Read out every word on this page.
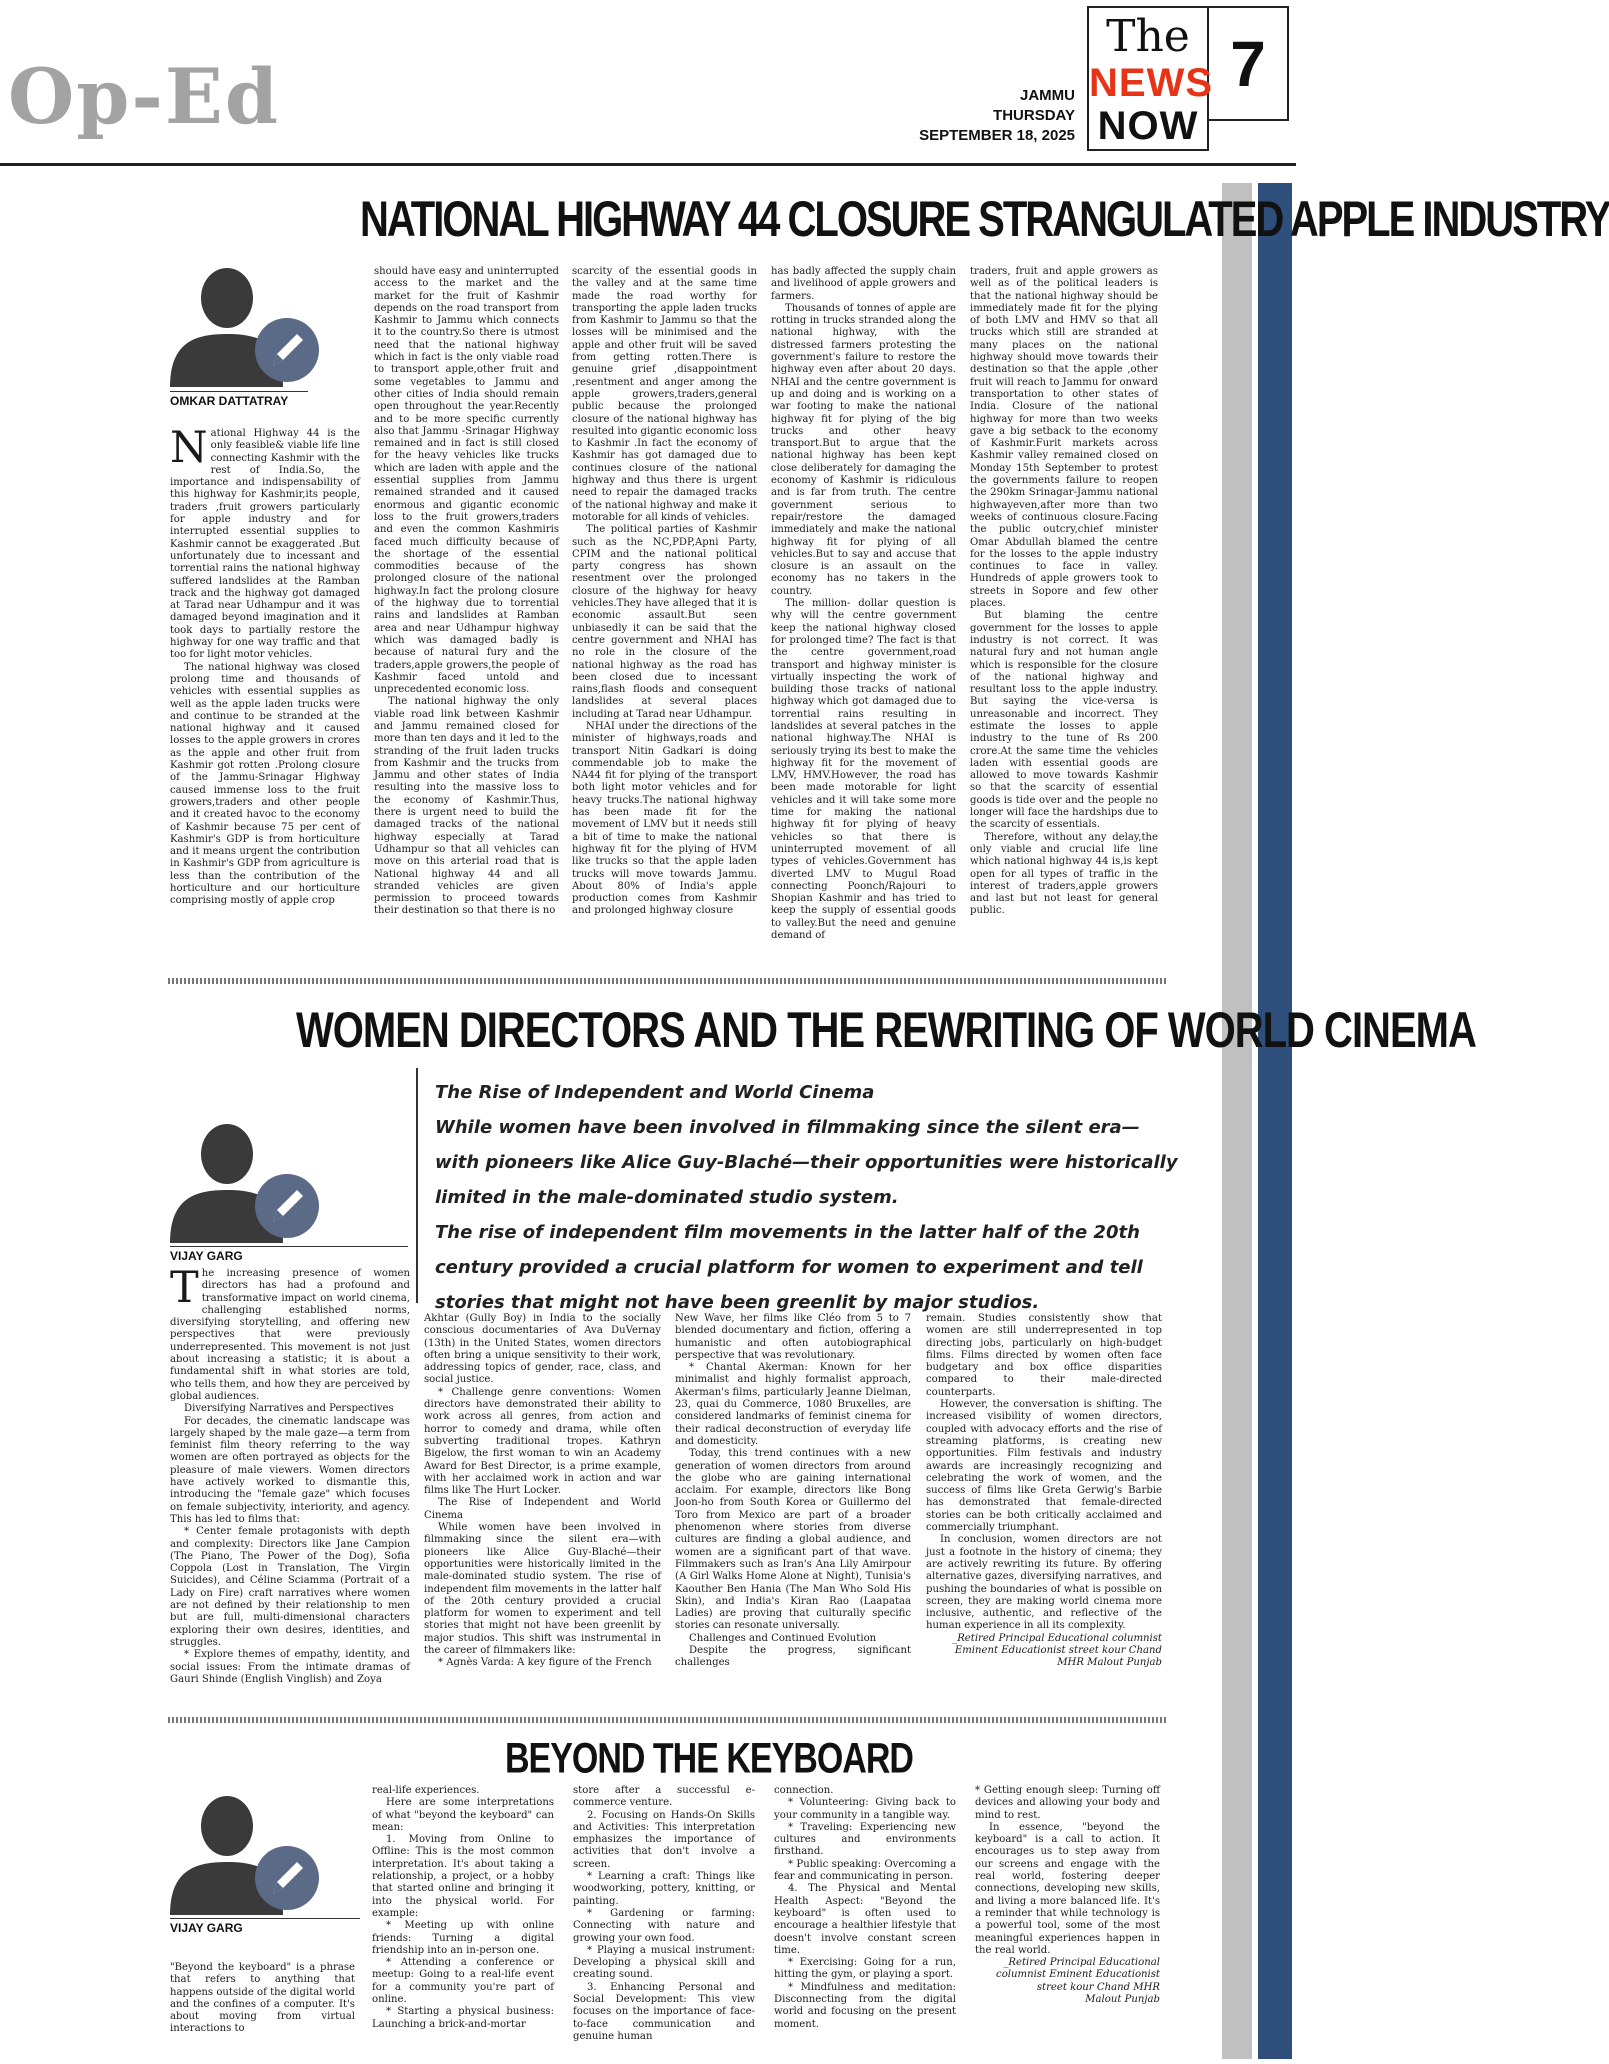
Op-Ed	JAMMU
THURSDAY
SEPTEMBER 18, 2025
The
NEWS
NOW
7
NATIONAL HIGHWAY 44 CLOSURE STRANGULATED APPLE INDUSTRY
OMKAR DATTATRAY

National Highway 44 is the only feasible& viable life line connecting Kashmir with the rest of India.So, the importance and indispensability of this highway for Kashmir,its people, traders ,fruit growers particularly for apple industry and for interrupted essential supplies to Kashmir cannot be exaggerated .But unfortunately due to incessant and torrential rains the national highway suffered landslides at the Ramban track and the highway got damaged at Tarad near Udhampur and it was damaged beyond imagination and it took days to partially restore the highway for one way traffic and that too for light motor vehicles.

The national highway was closed prolong time and thousands of vehicles with essential supplies as well as the apple laden trucks were and continue to be stranded at the national highway and it caused losses to the apple growers in crores as the apple and other fruit from Kashmir got rotten .Prolong closure of the Jammu-Srinagar Highway caused immense loss to the fruit growers,traders and other people and it created havoc to the economy of Kashmir because 75 per cent of Kashmir's GDP is from horticulture and it means urgent the contribution in Kashmir's GDP from agriculture is less than the contribution of the horticulture and our horticulture comprising mostly of apple crop

should have easy and uninterrupted access to the market and the market for the fruit of Kashmir depends on the road transport from Kashmir to Jammu which connects it to the country.So there is utmost need that the national highway which in fact is the only viable road to transport apple,other fruit and some vegetables to Jammu and other cities of India should remain open throughout the year.Recently and to be more specific currently also that Jammu -Srinagar Highway remained and in fact is still closed for the heavy vehicles like trucks which are laden with apple and the essential supplies from Jammu remained stranded and it caused enormous and gigantic economic loss to the fruit growers,traders and even the common Kashmiris faced much difficulty because of the shortage of the essential commodities because of the prolonged closure of the national highway.In fact the prolong closure of the highway due to torrential rains and landslides at Ramban area and near Udhampur highway which was damaged badly is because of natural fury and the traders,apple growers,the people of Kashmir faced untold and unprecedented economic loss.

The national highway the only viable road link between Kashmir and Jammu remained closed for more than ten days and it led to the stranding of the fruit laden trucks from Kashmir and the trucks from Jammu and other states of India resulting into the massive loss to the economy of Kashmir.Thus, there is urgent need to build the damaged tracks of the national highway especially at Tarad Udhampur so that all vehicles can move on this arterial road that is National highway 44 and all stranded vehicles are given permission to proceed towards their destination so that there is no

scarcity of the essential goods in the valley and at the same time made the road worthy for transporting the apple laden trucks from Kashmir to Jammu so that the losses will be minimised and the apple and other fruit will be saved from getting rotten.There is genuine grief ,disappointment ,resentment and anger among the apple growers,traders,general public because the prolonged closure of the national highway has resulted into gigantic economic loss to Kashmir .In fact the economy of Kashmir has got damaged due to continues closure of the national highway and thus there is urgent need to repair the damaged tracks of the national highway and make it motorable for all kinds of vehicles.

The political parties of Kashmir such as the NC,PDP,Apni Party, CPIM and the national political party congress has shown resentment over the prolonged closure of the highway for heavy vehicles.They have alleged that it is economic assault.But seen unbiasedly it can be said that the centre government and NHAI has no role in the closure of the national highway as the road has been closed due to incessant rains,flash floods and consequent landslides at several places including at Tarad near Udhampur.

NHAI under the directions of the minister of highways,roads and transport Nitin Gadkari is doing commendable job to make the NA44 fit for plying of the transport both light motor vehicles and for heavy trucks.The national highway has been made fit for the movement of LMV but it needs still a bit of time to make the national highway fit for the plying of HVM like trucks so that the apple laden trucks will move towards Jammu. About 80% of India's apple production comes from Kashmir and prolonged highway closure

has badly affected the supply chain and livelihood of apple growers and farmers.

Thousands of tonnes of apple are rotting in trucks stranded along the national highway, with the distressed farmers protesting the government's failure to restore the highway even after about 20 days. NHAI and the centre government is up and doing and is working on a war footing to make the national highway fit for plying of the big trucks and other heavy transport.But to argue that the national highway has been kept close deliberately for damaging the economy of Kashmir is ridiculous and is far from truth. The centre government serious to repair/restore the damaged immediately and make the national highway fit for plying of all vehicles.But to say and accuse that closure is an assault on the economy has no takers in the country.

The million- dollar question is why will the centre government keep the national highway closed for prolonged time? The fact is that the centre government,road transport and highway minister is virtually inspecting the work of building those tracks of national highway which got damaged due to torrential rains resulting in landslides at several patches in the national highway.The NHAI is seriously trying its best to make the highway fit for the movement of LMV, HMV.However, the road has been made motorable for light vehicles and it will take some more time for making the national highway fit for plying of heavy vehicles so that there is uninterrupted movement of all types of vehicles.Government has diverted LMV to Mugul Road connecting Poonch/Rajouri to Shopian Kashmir and has tried to keep the supply of essential goods to valley.But the need and genuine demand of

traders, fruit and apple growers as well as of the political leaders is that the national highway should be immediately made fit for the plying of both LMV and HMV so that all trucks which still are stranded at many places on the national highway should move towards their destination so that the apple ,other fruit will reach to Jammu for onward transportation to other states of India. Closure of the national highway for more than two weeks gave a big setback to the economy of Kashmir.Furit markets across Kashmir valley remained closed on Monday 15th September to protest the governments failure to reopen the 290km Srinagar-Jammu national highwayeven,after more than two weeks of continuous closure.Facing the public outcry,chief minister Omar Abdullah blamed the centre for the losses to the apple industry continues to face in valley. Hundreds of apple growers took to streets in Sopore and few other places.

But blaming the centre government for the losses to apple industry is not correct. It was natural fury and not human angle which is responsible for the closure of the national highway and resultant loss to the apple industry. But saying the vice-versa is unreasonable and incorrect. They estimate the losses to apple industry to the tune of Rs 200 crore.At the same time the vehicles laden with essential goods are allowed to move towards Kashmir so that the scarcity of essential goods is tide over and the people no longer will face the hardships due to the scarcity of essentials.

Therefore, without any delay,the only viable and crucial life line which national highway 44 is,is kept open for all types of traffic in the interest of traders,apple growers and last but not least for general public.

WOMEN DIRECTORS AND THE REWRITING OF WORLD CINEMA
The Rise of Independent and World Cinema
While women have been involved in filmmaking since the silent era—with pioneers like Alice Guy-Blaché—their opportunities were historically limited in the male-dominated studio system.
The rise of independent film movements in the latter half of the 20th century provided a crucial platform for women to experiment and tell stories that might not have been greenlit by major studios.
VIJAY GARG

The increasing presence of women directors has had a profound and transformative impact on world cinema, challenging established norms, diversifying storytelling, and offering new perspectives that were previously underrepresented. This movement is not just about increasing a statistic; it is about a fundamental shift in what stories are told, who tells them, and how they are perceived by global audiences.

Diversifying Narratives and Perspectives

For decades, the cinematic landscape was largely shaped by the male gaze—a term from feminist film theory referring to the way women are often portrayed as objects for the pleasure of male viewers. Women directors have actively worked to dismantle this, introducing the "female gaze" which focuses on female subjectivity, interiority, and agency. This has led to films that:

* Center female protagonists with depth and complexity: Directors like Jane Campion (The Piano, The Power of the Dog), Sofia Coppola (Lost in Translation, The Virgin Suicides), and Céline Sciamma (Portrait of a Lady on Fire) craft narratives where women are not defined by their relationship to men but are full, multi-dimensional characters exploring their own desires, identities, and struggles.

* Explore themes of empathy, identity, and social issues: From the intimate dramas of Gauri Shinde (English Vinglish) and Zoya

Akhtar (Gully Boy) in India to the socially conscious documentaries of Ava DuVernay (13th) in the United States, women directors often bring a unique sensitivity to their work, addressing topics of gender, race, class, and social justice.

* Challenge genre conventions: Women directors have demonstrated their ability to work across all genres, from action and horror to comedy and drama, while often subverting traditional tropes. Kathryn Bigelow, the first woman to win an Academy Award for Best Director, is a prime example, with her acclaimed work in action and war films like The Hurt Locker.

The Rise of Independent and World Cinema

While women have been involved in filmmaking since the silent era—with pioneers like Alice Guy-Blaché—their opportunities were historically limited in the male-dominated studio system. The rise of independent film movements in the latter half of the 20th century provided a crucial platform for women to experiment and tell stories that might not have been greenlit by major studios. This shift was instrumental in the career of filmmakers like:

* Agnès Varda: A key figure of the French

New Wave, her films like Cléo from 5 to 7 blended documentary and fiction, offering a humanistic and often autobiographical perspective that was revolutionary.

* Chantal Akerman: Known for her minimalist and highly formalist approach, Akerman's films, particularly Jeanne Dielman, 23, quai du Commerce, 1080 Bruxelles, are considered landmarks of feminist cinema for their radical deconstruction of everyday life and domesticity.

Today, this trend continues with a new generation of women directors from around the globe who are gaining international acclaim. For example, directors like Bong Joon-ho from South Korea or Guillermo del Toro from Mexico are part of a broader phenomenon where stories from diverse cultures are finding a global audience, and women are a significant part of that wave. Filmmakers such as Iran's Ana Lily Amirpour (A Girl Walks Home Alone at Night), Tunisia's Kaouther Ben Hania (The Man Who Sold His Skin), and India's Kiran Rao (Laapataa Ladies) are proving that culturally specific stories can resonate universally.

Challenges and Continued Evolution

Despite the progress, significant challenges

remain. Studies consistently show that women are still underrepresented in top directing jobs, particularly on high-budget films. Films directed by women often face budgetary and box office disparities compared to their male-directed counterparts.

However, the conversation is shifting. The increased visibility of women directors, coupled with advocacy efforts and the rise of streaming platforms, is creating new opportunities. Film festivals and industry awards are increasingly recognizing and celebrating the work of women, and the success of films like Greta Gerwig's Barbie has demonstrated that female-directed stories can be both critically acclaimed and commercially triumphant.

In conclusion, women directors are not just a footnote in the history of cinema; they are actively rewriting its future. By offering alternative gazes, diversifying narratives, and pushing the boundaries of what is possible on screen, they are making world cinema more inclusive, authentic, and reflective of the human experience in all its complexity.

_Retired Principal Educational columnist

Eminent Educationist street kour Chand

MHR Malout Punjab

BEYOND THE KEYBOARD
VIJAY GARG

"Beyond the keyboard" is a phrase that refers to anything that happens outside of the digital world and the confines of a computer. It's about moving from virtual interactions to

real-life experiences.

Here are some interpretations of what "beyond the keyboard" can mean:

1. Moving from Online to Offline: This is the most common interpretation. It's about taking a relationship, a project, or a hobby that started online and bringing it into the physical world. For example:

* Meeting up with online friends: Turning a digital friendship into an in-person one.

* Attending a conference or meetup: Going to a real-life event for a community you're part of online.

* Starting a physical business: Launching a brick-and-mortar

store after a successful e-commerce venture.

2. Focusing on Hands-On Skills and Activities: This interpretation emphasizes the importance of activities that don't involve a screen.

* Learning a craft: Things like woodworking, pottery, knitting, or painting.

* Gardening or farming: Connecting with nature and growing your own food.

* Playing a musical instrument: Developing a physical skill and creating sound.

3. Enhancing Personal and Social Development: This view focuses on the importance of face-to-face communication and genuine human

connection.

* Volunteering: Giving back to your community in a tangible way.

* Traveling: Experiencing new cultures and environments firsthand.

* Public speaking: Overcoming a fear and communicating in person.

4. The Physical and Mental Health Aspect: "Beyond the keyboard" is often used to encourage a healthier lifestyle that doesn't involve constant screen time.

* Exercising: Going for a run, hitting the gym, or playing a sport.

* Mindfulness and meditation: Disconnecting from the digital world and focusing on the present moment.

* Getting enough sleep: Turning off devices and allowing your body and mind to rest.

In essence, "beyond the keyboard" is a call to action. It encourages us to step away from our screens and engage with the real world, fostering deeper connections, developing new skills, and living a more balanced life. It's a reminder that while technology is a powerful tool, some of the most meaningful experiences happen in the real world.

_Retired Principal Educational

columnist Eminent Educationist

street kour Chand MHR

Malout Punjab
